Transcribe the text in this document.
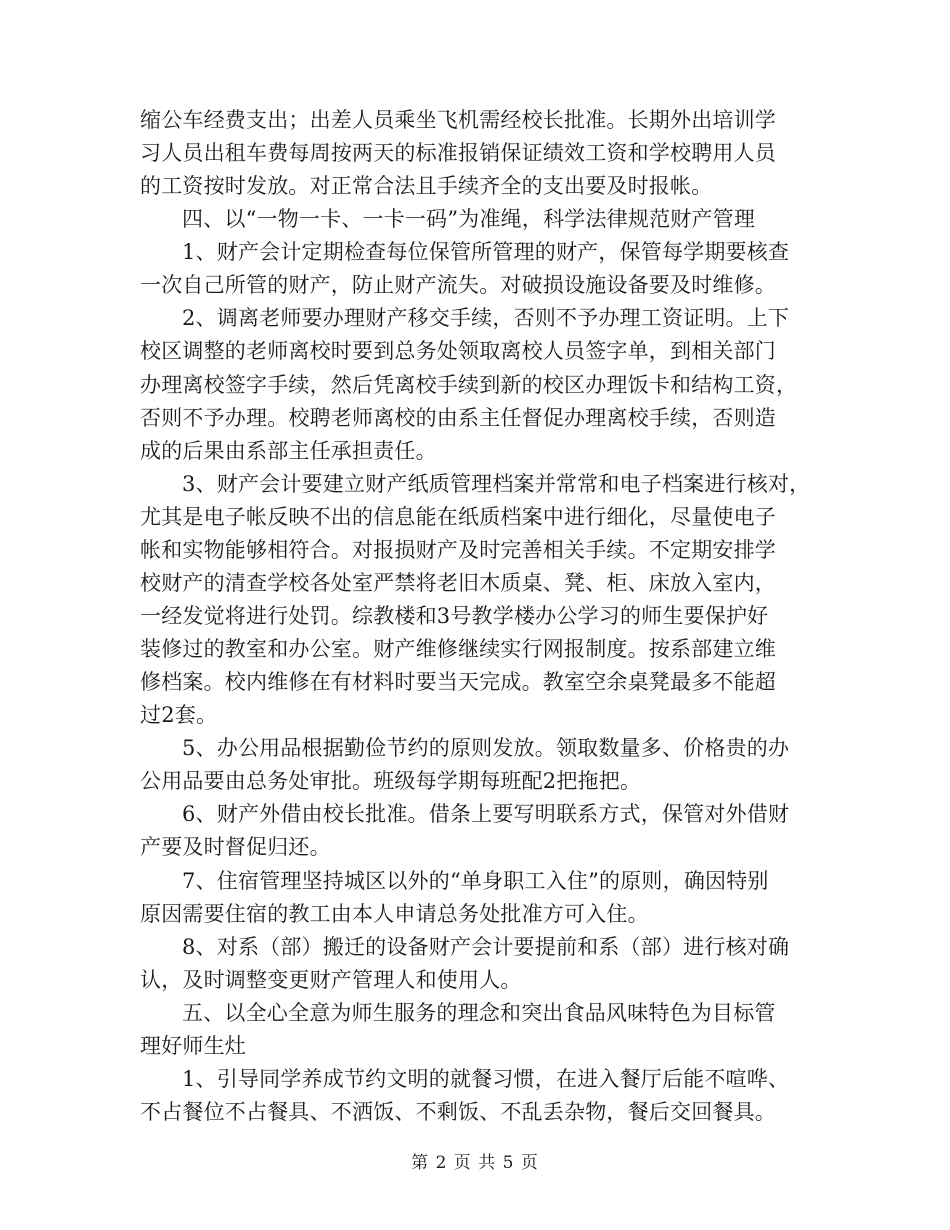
缩公车经费支出；出差人员乘坐飞机需经校长批准。长期外出培训学
习人员出租车费每周按两天的标准报销保证绩效工资和学校聘用人员
的工资按时发放。对正常合法且手续齐全的支出要及时报帐。
四、以“一物一卡、一卡一码”为准绳，科学法律规范财产管理
1、财产会计定期检查每位保管所管理的财产，保管每学期要核查
一次自己所管的财产，防止财产流失。对破损设施设备要及时维修。
2、调离老师要办理财产移交手续，否则不予办理工资证明。上下
校区调整的老师离校时要到总务处领取离校人员签字单，到相关部门
办理离校签字手续，然后凭离校手续到新的校区办理饭卡和结构工资，
否则不予办理。校聘老师离校的由系主任督促办理离校手续，否则造
成的后果由系部主任承担责任。
3、财产会计要建立财产纸质管理档案并常常和电子档案进行核对，
尤其是电子帐反映不出的信息能在纸质档案中进行细化，尽量使电子
帐和实物能够相符合。对报损财产及时完善相关手续。不定期安排学
校财产的清查学校各处室严禁将老旧木质桌、凳、柜、床放入室内，
一经发觉将进行处罚。综教楼和3号教学楼办公学习的师生要保护好
装修过的教室和办公室。财产维修继续实行网报制度。按系部建立维
修档案。校内维修在有材料时要当天完成。教室空余桌凳最多不能超
过2套。
5、办公用品根据勤俭节约的原则发放。领取数量多、价格贵的办
公用品要由总务处审批。班级每学期每班配2把拖把。
6、财产外借由校长批准。借条上要写明联系方式，保管对外借财
产要及时督促归还。
7、住宿管理坚持城区以外的“单身职工入住”的原则，确因特别
原因需要住宿的教工由本人申请总务处批准方可入住。
8、对系（部）搬迁的设备财产会计要提前和系（部）进行核对确
认，及时调整变更财产管理人和使用人。
五、以全心全意为师生服务的理念和突出食品风味特色为目标管
理好师生灶
1、引导同学养成节约文明的就餐习惯，在进入餐厅后能不喧哗、
不占餐位不占餐具、不洒饭、不剩饭、不乱丢杂物，餐后交回餐具。
第 2 页 共 5 页
